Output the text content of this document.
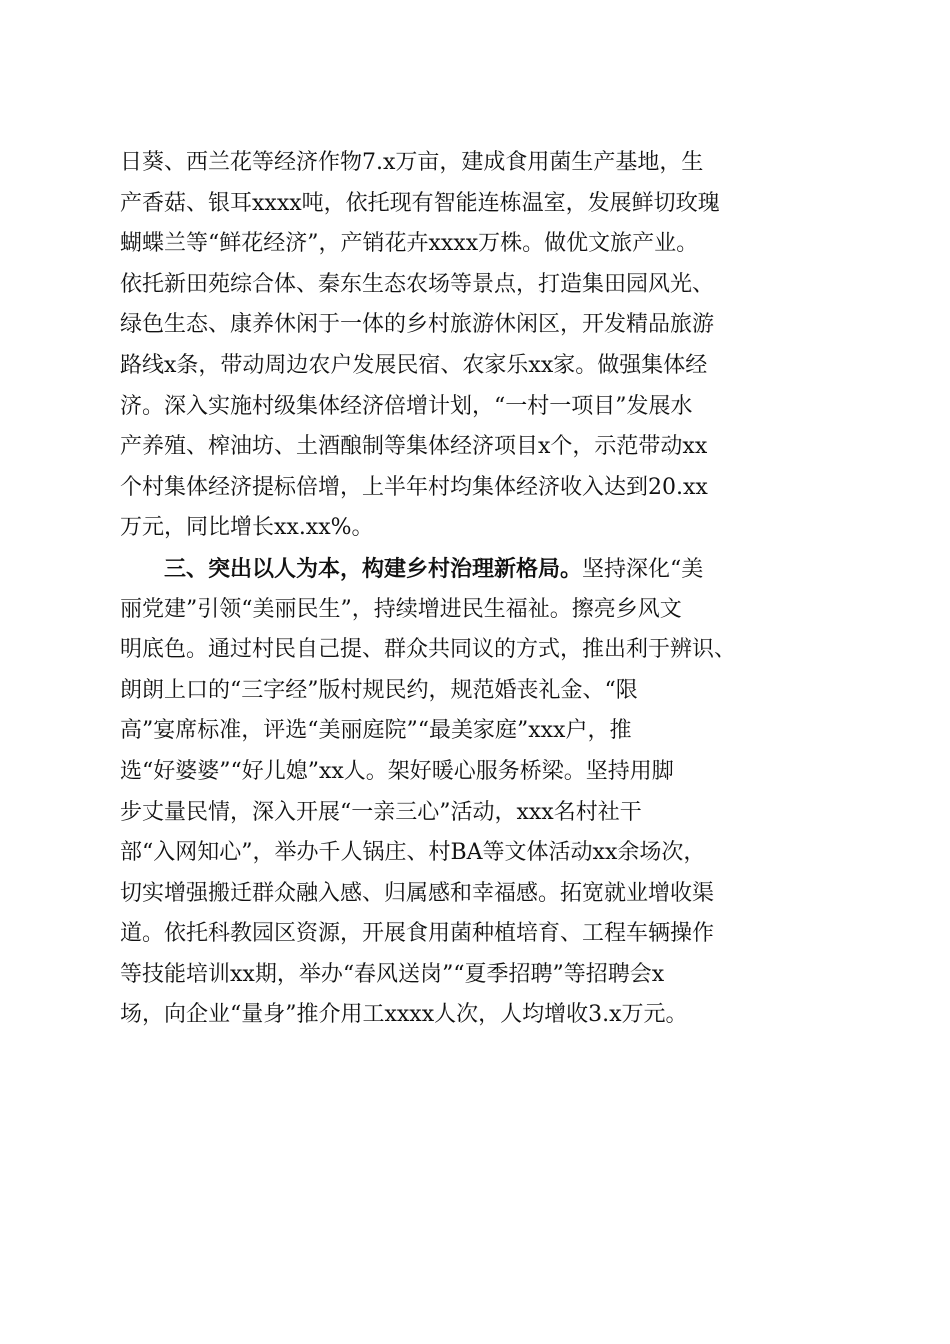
日葵、西兰花等经济作物7.x万亩，建成食用菌生产基地，生
产香菇、银耳xxxx吨，依托现有智能连栋温室，发展鲜切玫瑰
蝴蝶兰等“鲜花经济”，产销花卉xxxx万株。做优文旅产业。
依托新田苑综合体、秦东生态农场等景点，打造集田园风光、
绿色生态、康养休闲于一体的乡村旅游休闲区，开发精品旅游
路线x条，带动周边农户发展民宿、农家乐xx家。做强集体经
济。深入实施村级集体经济倍增计划，“一村一项目”发展水
产养殖、榨油坊、土酒酿制等集体经济项目x个，示范带动xx
个村集体经济提标倍增，上半年村均集体经济收入达到20.xx
万元，同比增长xx.xx%。
三、突出以人为本，构建乡村治理新格局。坚持深化“美
丽党建”引领“美丽民生”，持续增进民生福祉。擦亮乡风文
明底色。通过村民自己提、群众共同议的方式，推出利于辨识、
朗朗上口的“三字经”版村规民约，规范婚丧礼金、“限
高”宴席标准，评选“美丽庭院”“最美家庭”xxx户，推
选“好婆婆”“好儿媳”xx人。架好暖心服务桥梁。坚持用脚
步丈量民情，深入开展“一亲三心”活动，xxx名村社干
部“入网知心”，举办千人锅庄、村BA等文体活动xx余场次，
切实增强搬迁群众融入感、归属感和幸福感。拓宽就业增收渠
道。依托科教园区资源，开展食用菌种植培育、工程车辆操作
等技能培训xx期，举办“春风送岗”“夏季招聘”等招聘会x
场，向企业“量身”推介用工xxxx人次，人均增收3.x万元。
